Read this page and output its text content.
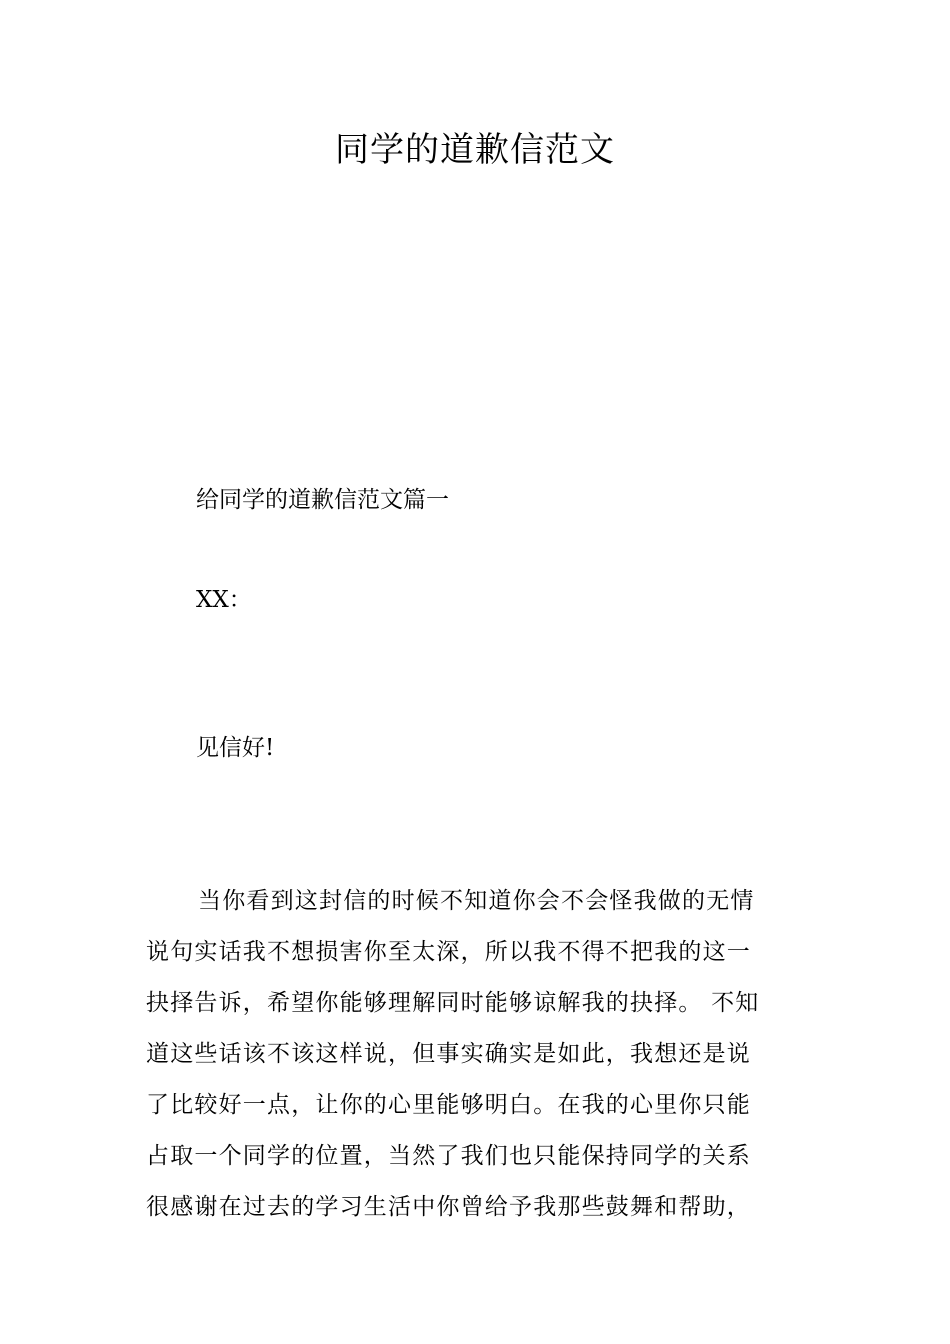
同学的道歉信范文
给同学的道歉信范文篇一
XX：
见信好!
当你看到这封信的时候不知道你会不会怪我做的无情
说句实话我不想损害你至太深，所以我不得不把我的这一
抉择告诉，希望你能够理解同时能够谅解我的抉择。 不知
道这些话该不该这样说，但事实确实是如此，我想还是说
了比较好一点，让你的心里能够明白。在我的心里你只能
占取一个同学的位置，当然了我们也只能保持同学的关系
很感谢在过去的学习生活中你曾给予我那些鼓舞和帮助，
